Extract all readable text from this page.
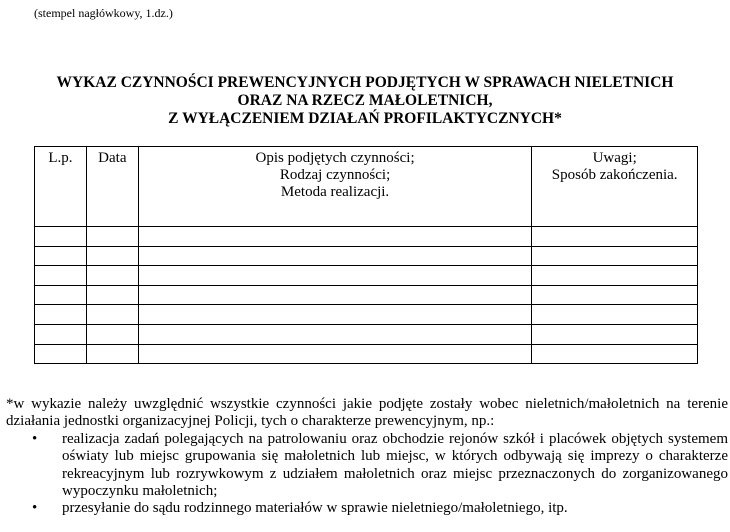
(stempel nagłówkowy, 1.dz.)
WYKAZ CZYNNOŚCI PREWENCYJNYCH PODJĘTYCH W SPRAWACH NIELETNICH
ORAZ NA RZECZ MAŁOLETNICH,
Z WYŁĄCZENIEM DZIAŁAŃ PROFILAKTYCZNYCH*
L.p.	Data	Opis podjętych czynności;
Rodzaj czynności;
Metoda realizacji.	Uwagi;
Sposób zakończenia.

*w wykazie należy uwzględnić wszystkie czynności jakie podjęte zostały wobec nieletnich/małoletnich na terenie działania jednostki organizacyjnej Policji, tych o charakterze prewencyjnym, np.:

• realizacja zadań polegających na patrolowaniu oraz obchodzie rejonów szkół i placówek objętych systemem oświaty lub miejsc grupowania się małoletnich lub miejsc, w których odbywają się imprezy o charakterze rekreacyjnym lub rozrywkowym z udziałem małoletnich oraz miejsc przeznaczonych do zorganizowanego wypoczynku małoletnich;
• przesyłanie do sądu rodzinnego materiałów w sprawie nieletniego/małoletniego, itp.
